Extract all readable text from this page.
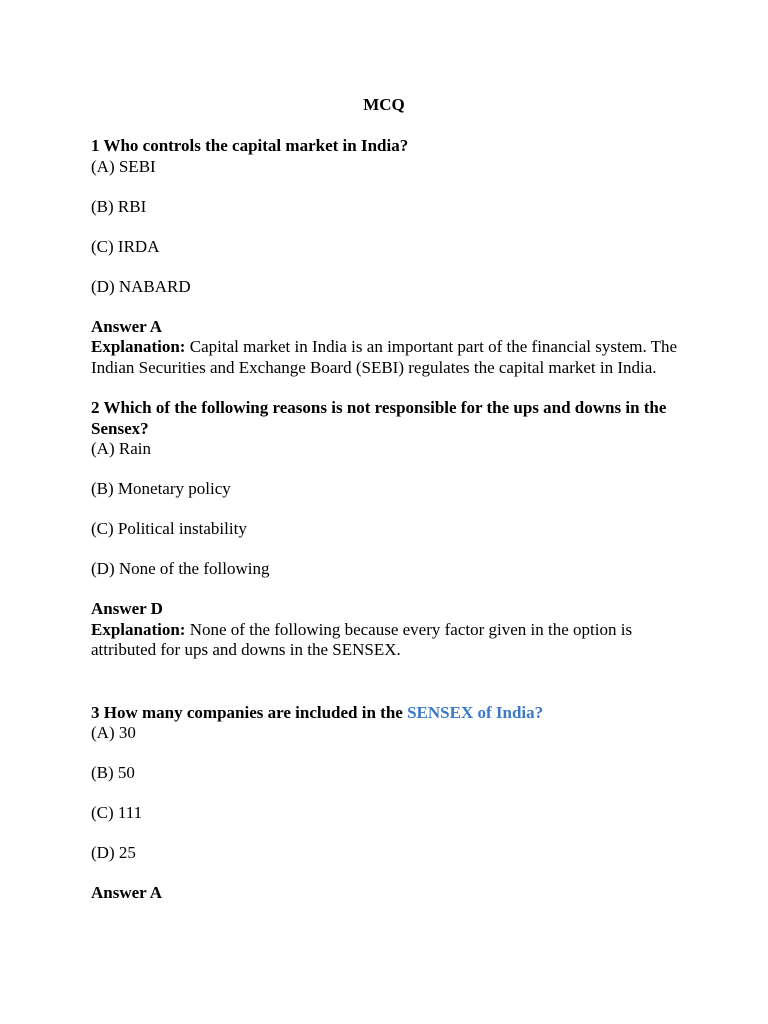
MCQ

1 Who controls the capital market in India?

(A) SEBI

(B) RBI

(C) IRDA

(D) NABARD

Answer A

Explanation: Capital market in India is an important part of the financial system. The Indian Securities and Exchange Board (SEBI) regulates the capital market in India.

2 Which of the following reasons is not responsible for the ups and downs in the Sensex?

(A) Rain

(B) Monetary policy

(C) Political instability

(D) None of the following

Answer D

Explanation: None of the following because every factor given in the option is attributed for ups and downs in the SENSEX.

3 How many companies are included in the SENSEX of India?

(A) 30

(B) 50

(C) 111

(D) 25

Answer A
